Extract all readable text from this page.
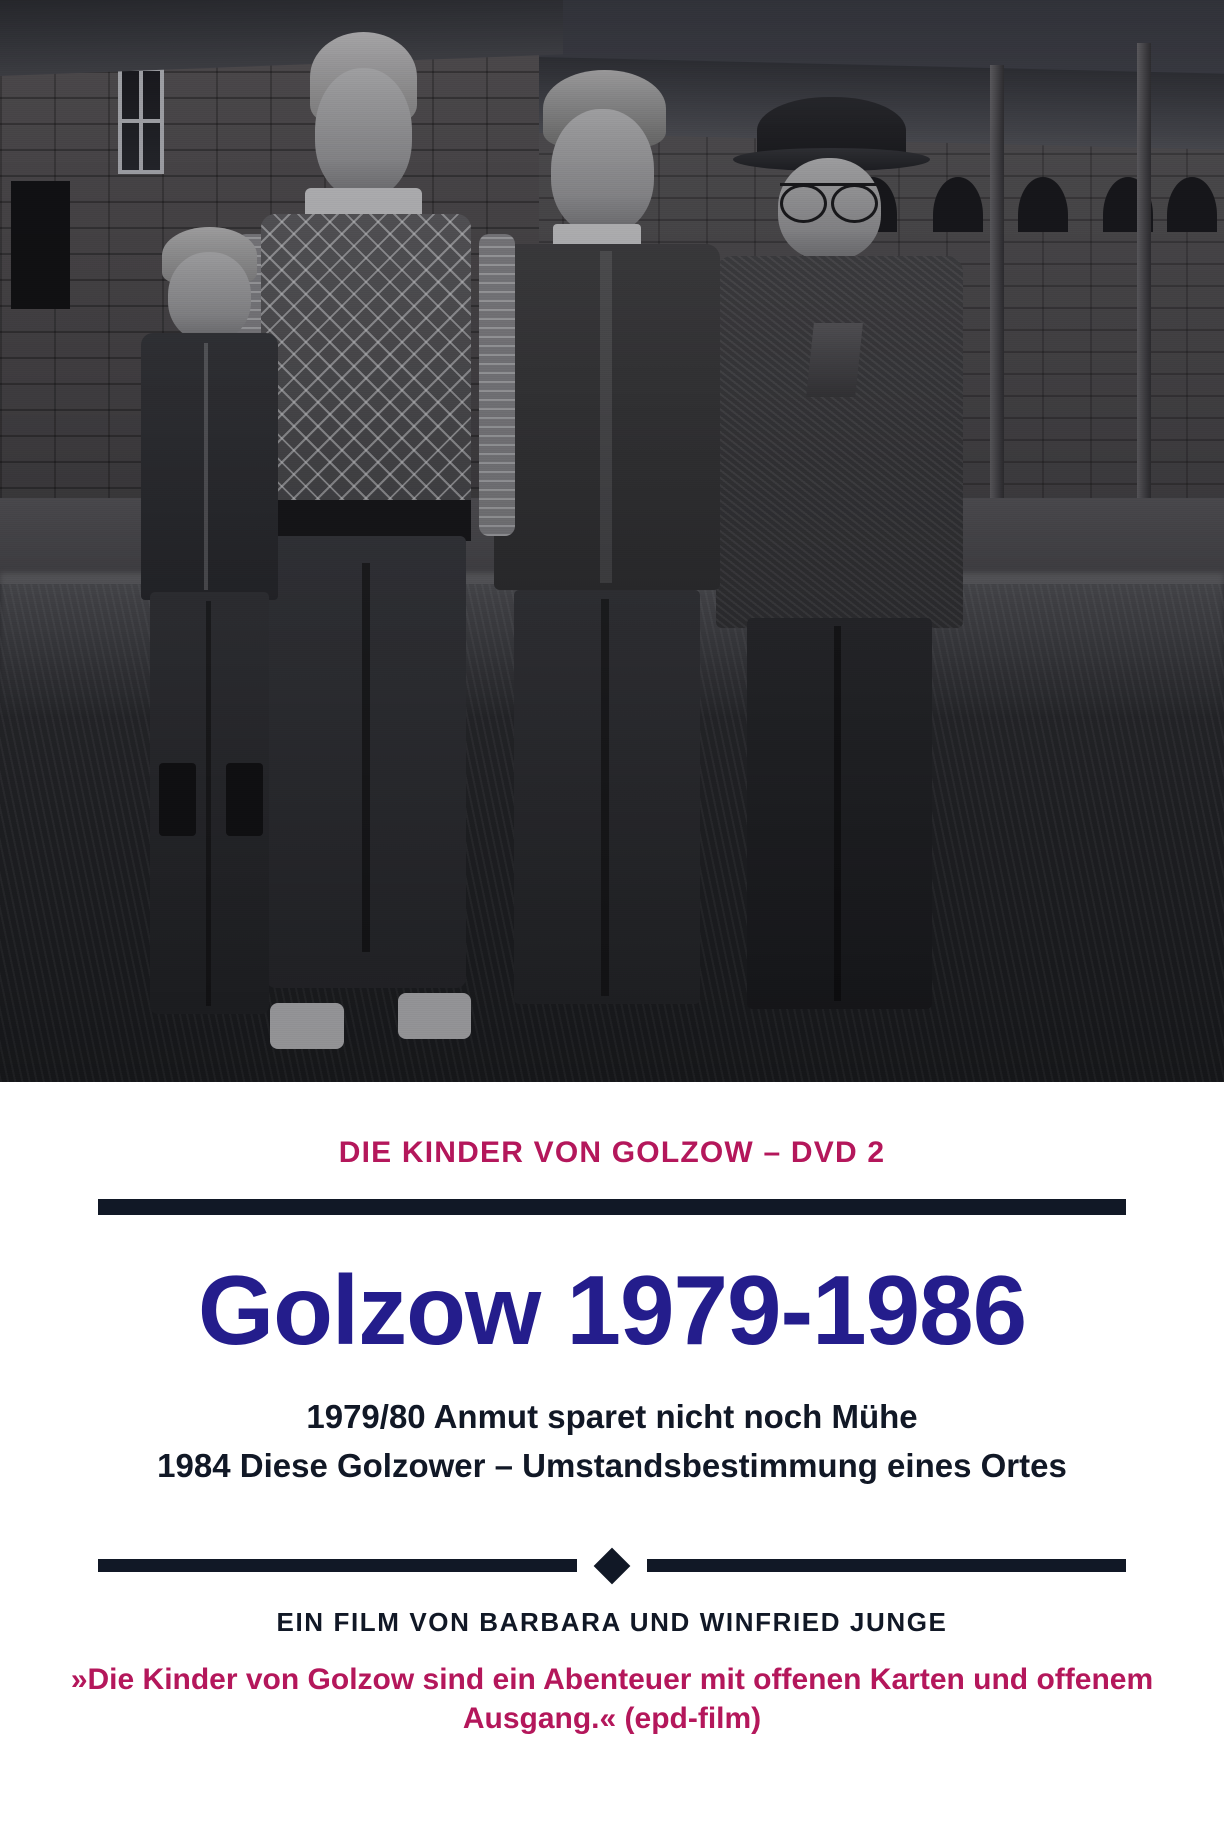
DIE KINDER VON GOLZOW – DVD 2
Golzow 1979-1986
1979/80 Anmut sparet nicht noch Mühe
1984 Diese Golzower – Umstandsbestimmung eines Ortes
EIN FILM VON BARBARA UND WINFRIED JUNGE
»Die Kinder von Golzow sind ein Abenteuer mit offenen Karten und offenem Ausgang.« (epd-film)
